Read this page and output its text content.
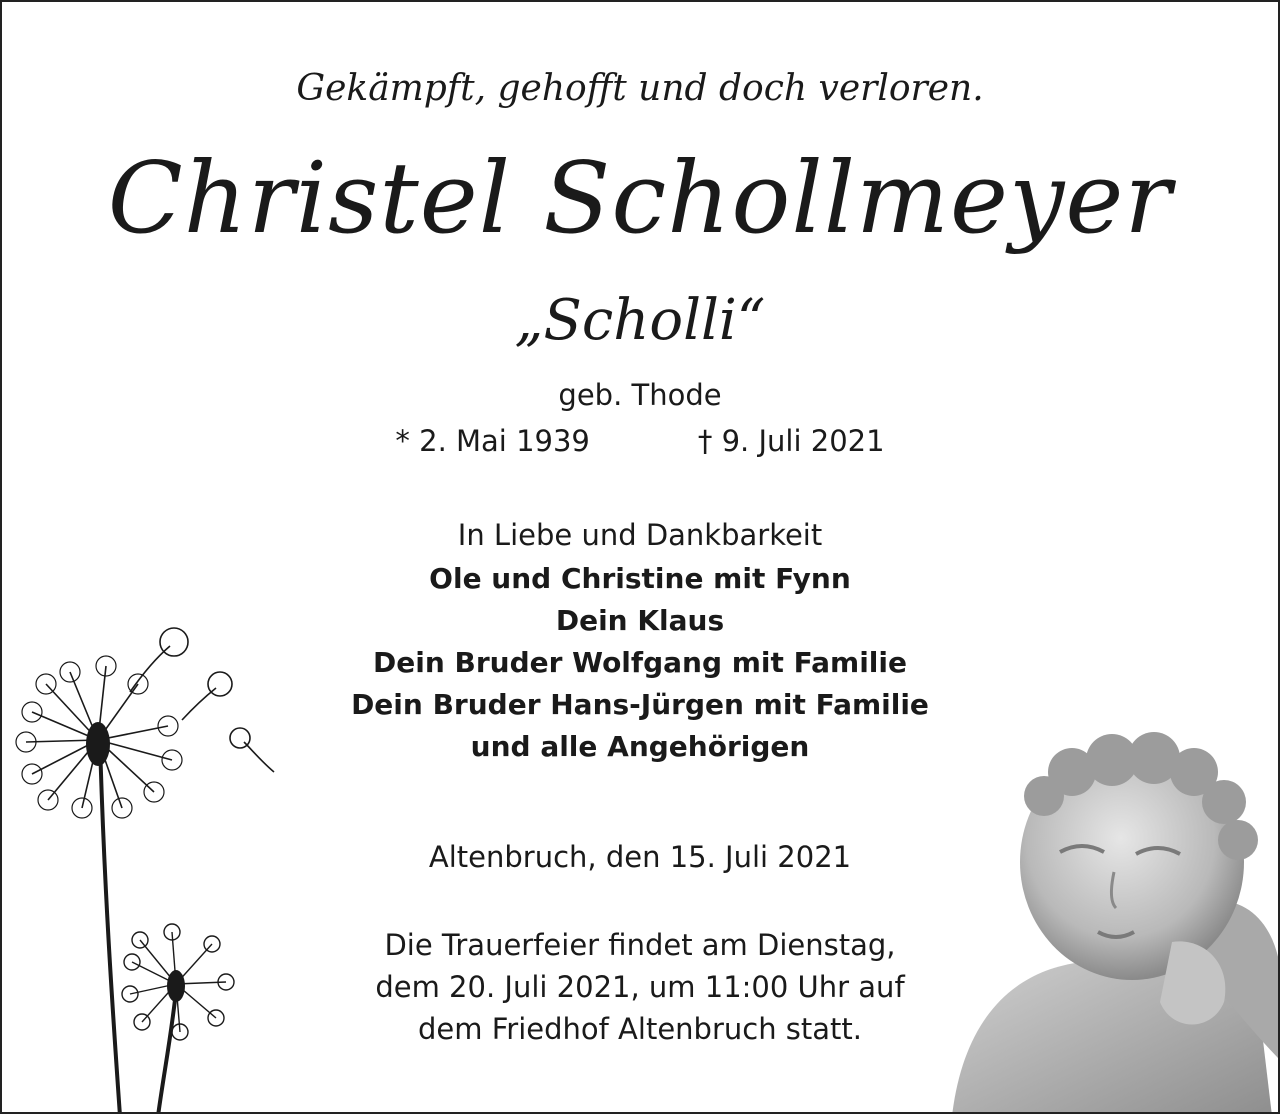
Gekämpft, gehofft und doch verloren.
Christel Schollmeyer
„Scholli“
geb. Thode
* 2. Mai 1939	† 9. Juli 2021
In Liebe und Dankbarkeit
Ole und Christine mit Fynn
Dein Klaus
Dein Bruder Wolfgang mit Familie
Dein Bruder Hans-Jürgen mit Familie
und alle Angehörigen
Altenbruch, den 15. Juli 2021
Die Trauerfeier findet am Dienstag,
dem 20. Juli 2021, um 11:00 Uhr auf
dem Friedhof Altenbruch statt.
